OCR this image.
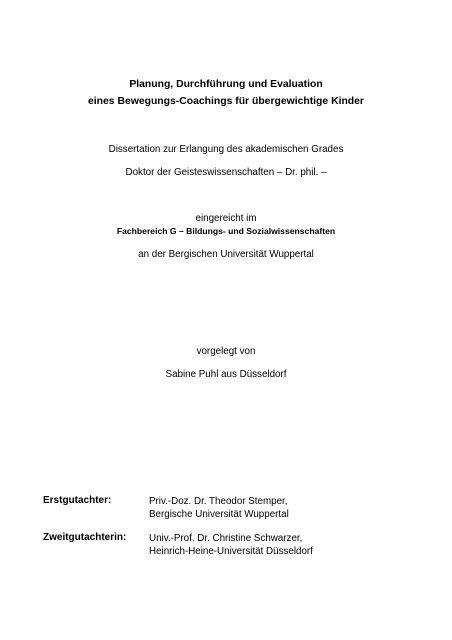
Planung, Durchführung und Evaluation
eines Bewegungs-Coachings für übergewichtige Kinder
Dissertation zur Erlangung des akademischen Grades
Doktor der Geisteswissenschaften – Dr. phil. –
eingereicht im
Fachbereich G – Bildungs- und Sozialwissenschaften
an der Bergischen Universität Wuppertal
vorgelegt von
Sabine Puhl aus Düsseldorf
Erstgutachter:	Priv.-Doz. Dr. Theodor Stemper,
Bergische Universität Wuppertal
Zweitgutachterin: Univ.-Prof. Dr. Christine Schwarzer,
Heinrich-Heine-Universität Düsseldorf
